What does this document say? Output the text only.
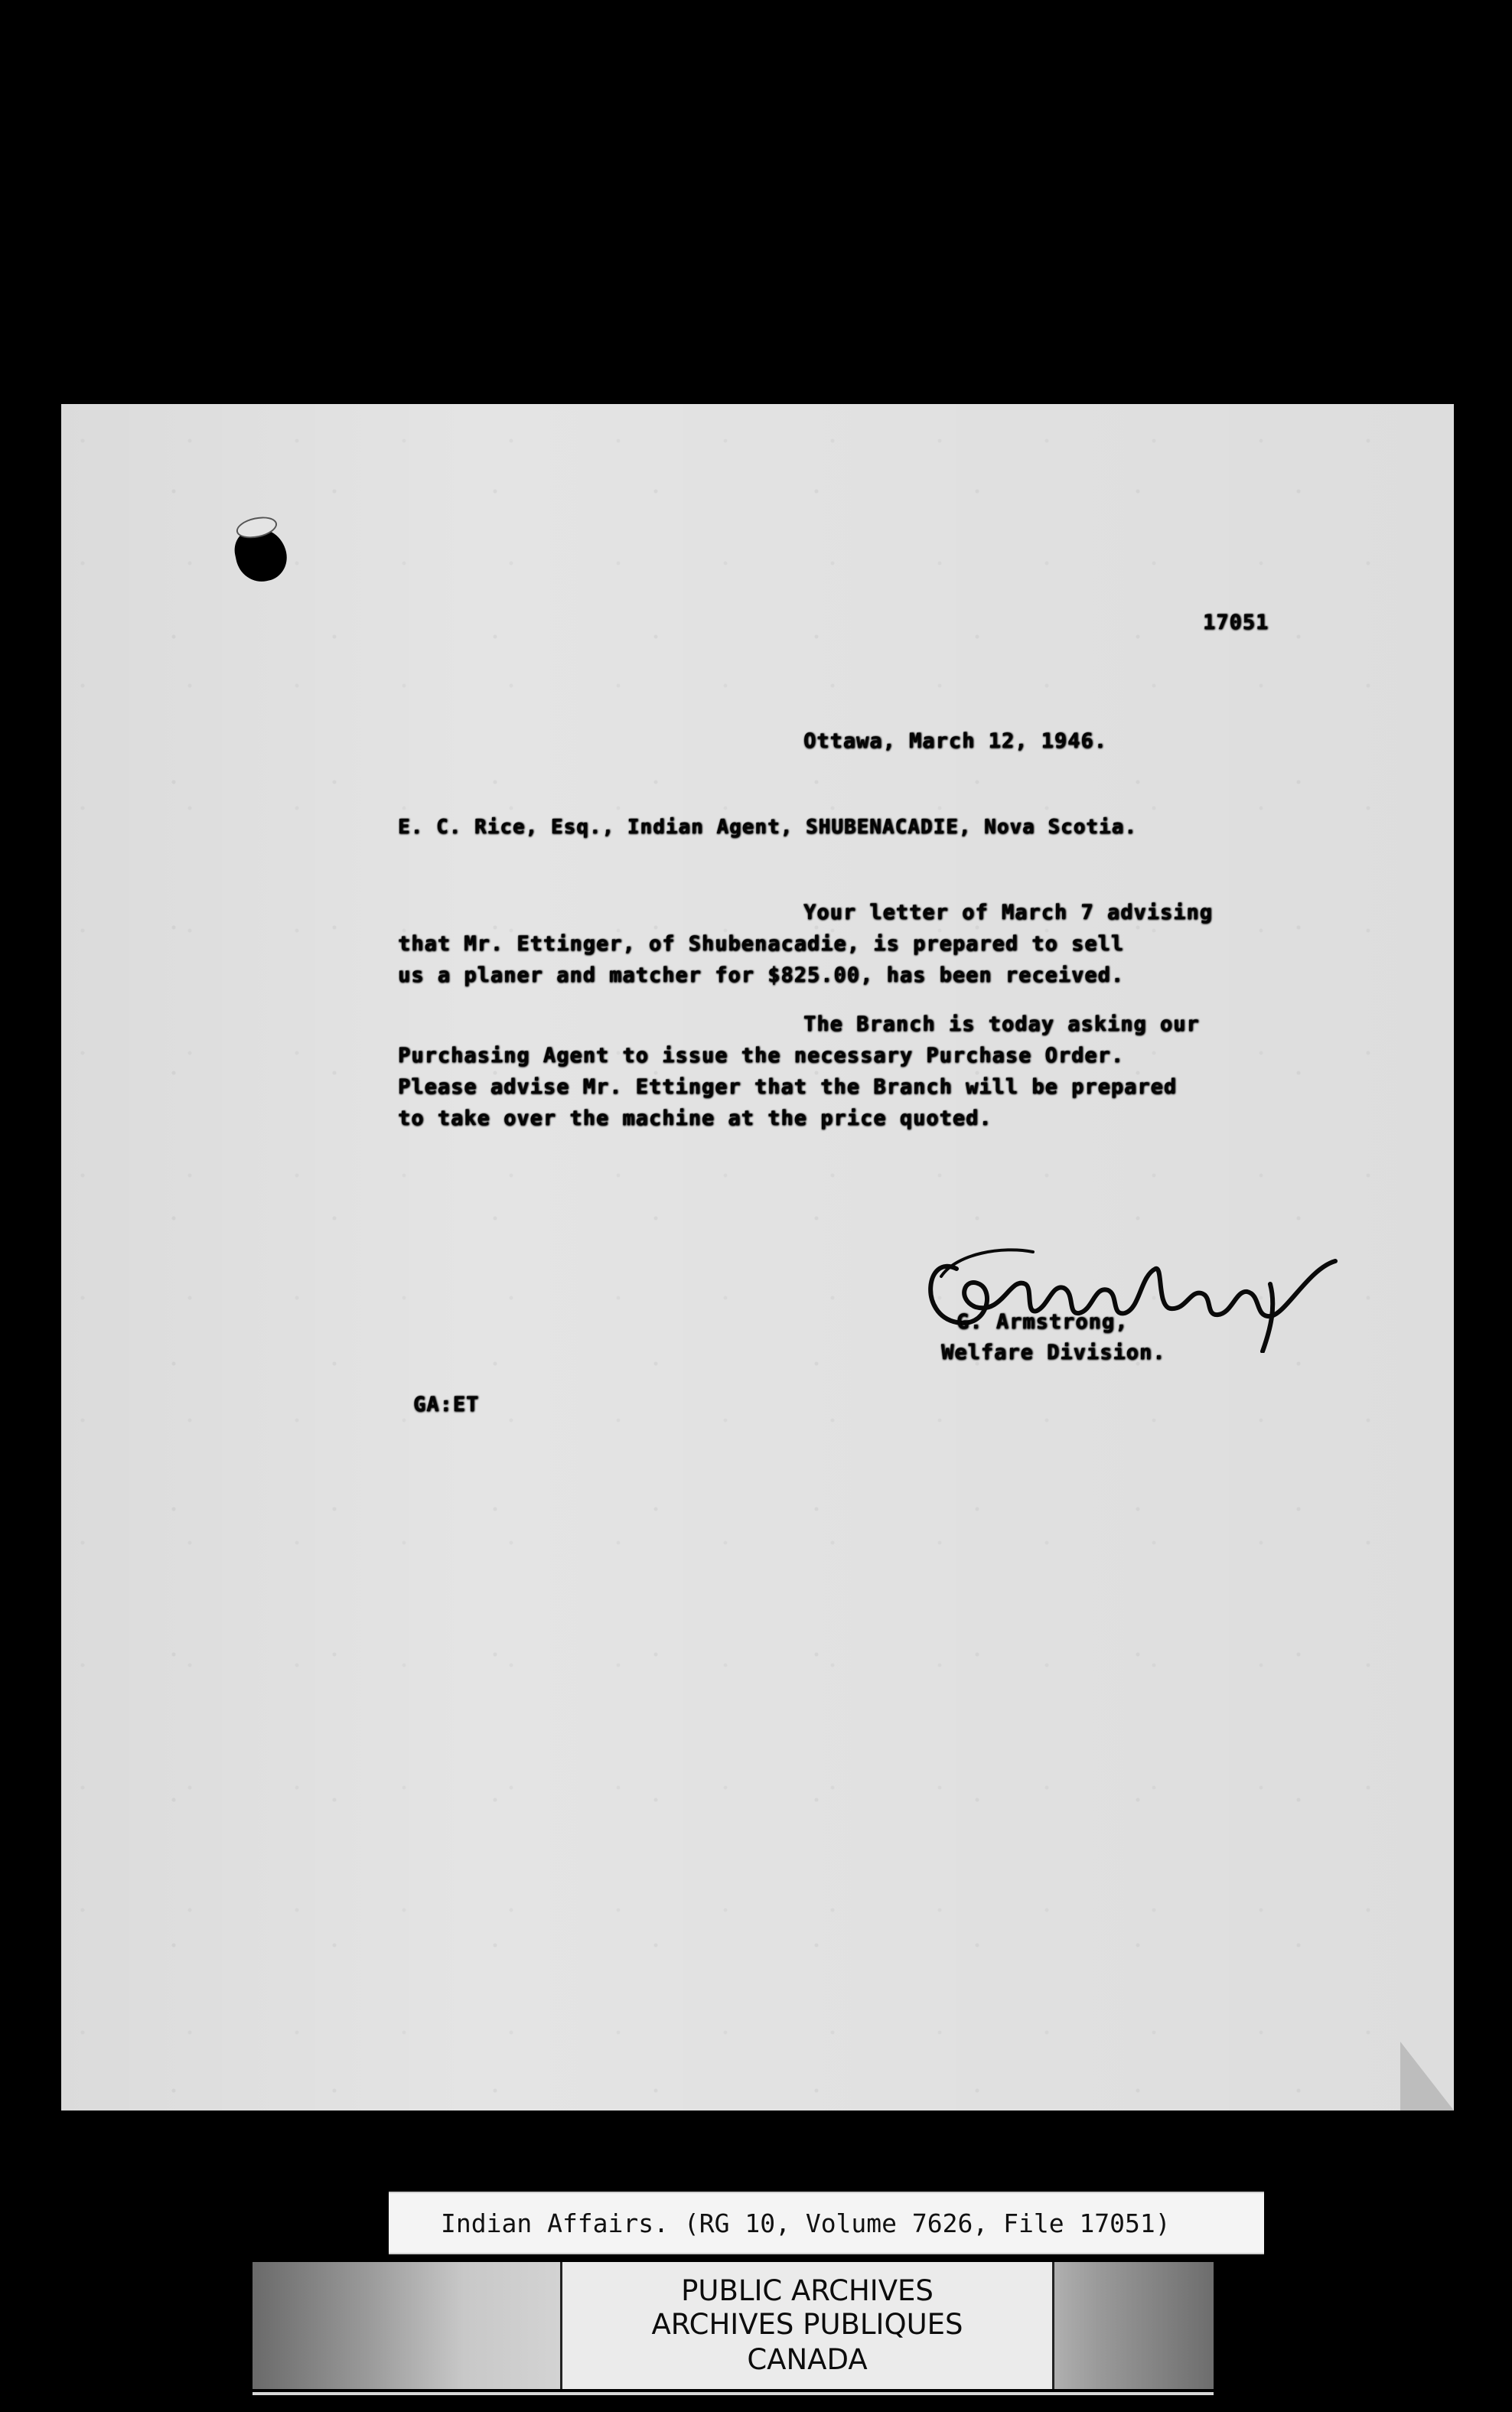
17051
Ottawa, March 12, 1946.
E. C. Rice, Esq., Indian Agent, SHUBENACADIE, Nova Scotia.
Your letter of March 7 advising
that Mr. Ettinger, of Shubenacadie, is prepared to sell
us a planer and matcher for $825.00, has been received.
The Branch is today asking our
Purchasing Agent to issue the necessary Purchase Order.
Please advise Mr. Ettinger that the Branch will be prepared
to take over the machine at the price quoted.
G. Armstrong,
Welfare Division.
GA:ET
Indian Affairs. (RG 10, Volume 7626, File 17051)
PUBLIC ARCHIVES
ARCHIVES PUBLIQUES
CANADA
